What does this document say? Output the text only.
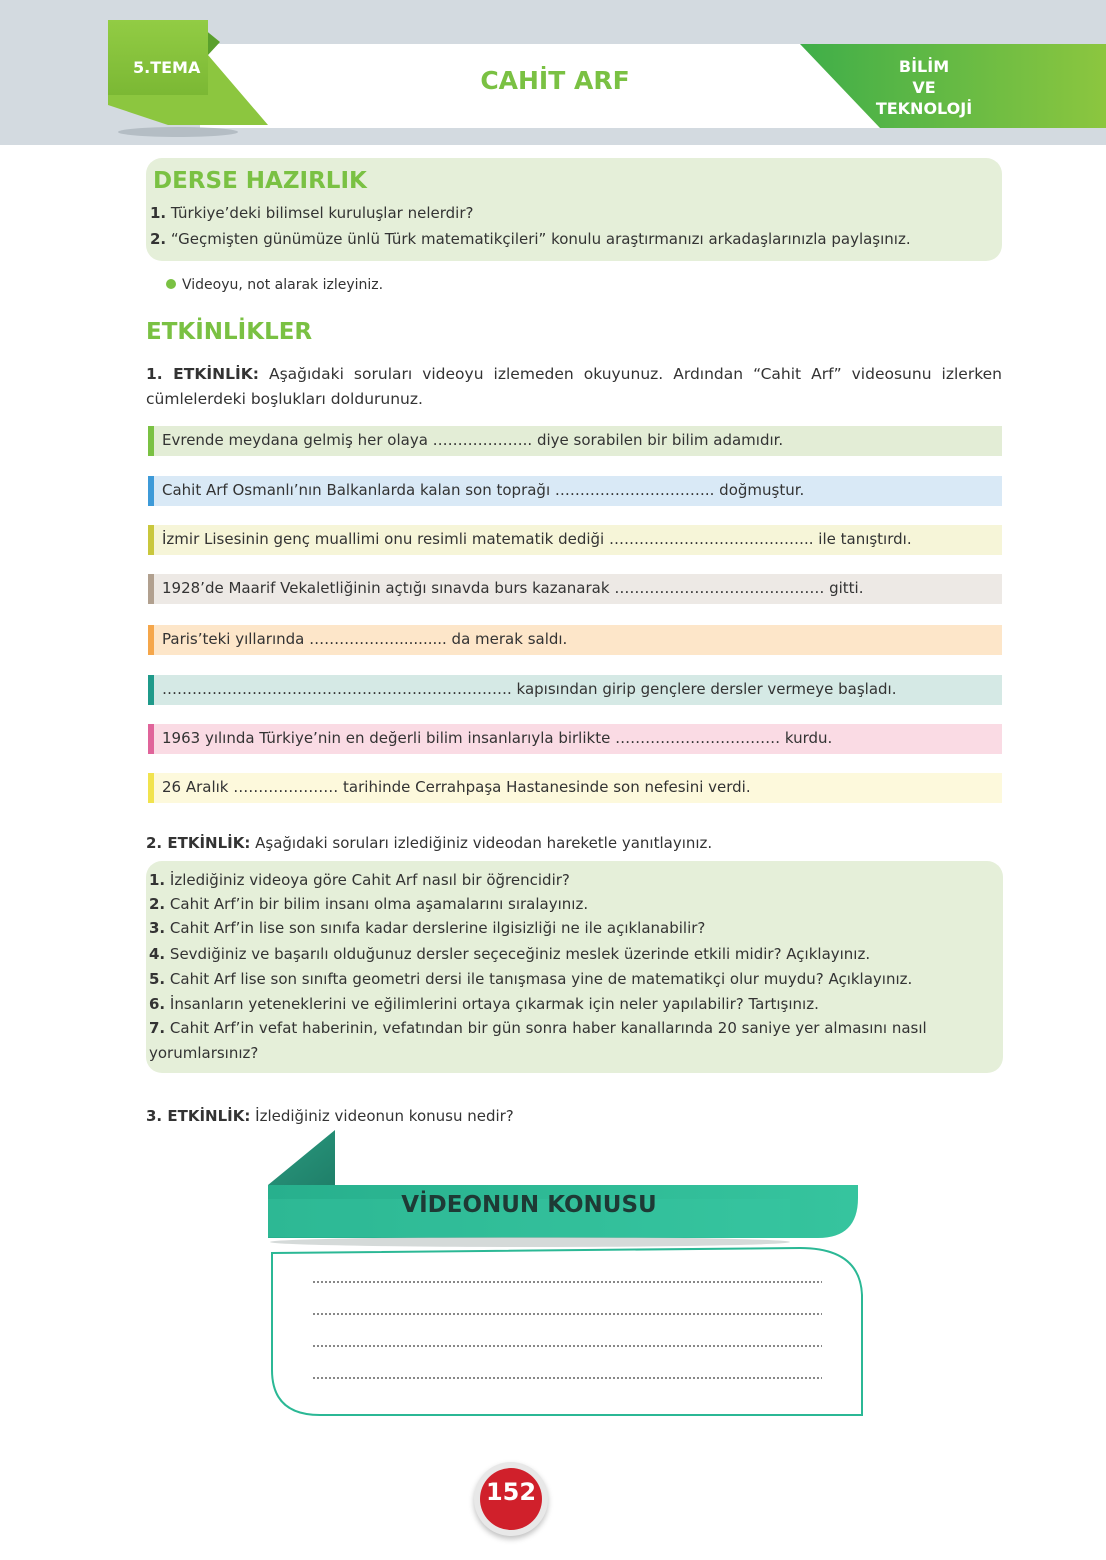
5.TEMA	CAHİT ARF	BİLİM
VE
TEKNOLOJİ
DERSE HAZIRLIK
1. Türkiye’deki bilimsel kuruluşlar nelerdir?
2. “Geçmişten günümüze ünlü Türk matematikçileri” konulu araştırmanızı arkadaşlarınızla paylaşınız.
Videoyu, not alarak izleyiniz.
ETKİNLİKLER
1. ETKİNLİK: Aşağıdaki soruları videoyu izlemeden okuyunuz. Ardından “Cahit Arf” videosunu izlerken cümlelerdeki boşlukları doldurunuz.
Evrende meydana gelmiş her olaya ……………….. diye sorabilen bir bilim adamıdır.
Cahit Arf Osmanlı’nın Balkanlarda kalan son toprağı ………………………….. doğmuştur.
İzmir Lisesinin genç muallimi onu resimli matematik dediği ………………………………….. ile tanıştırdı.
1928’de Maarif Vekaletliğinin açtığı sınavda burs kazanarak …………………………………… gitti.
Paris’teki yıllarında ……………….......... da merak saldı.
……………………………………………………………. kapısından girip gençlere dersler vermeye başladı.
1963 yılında Türkiye’nin en değerli bilim insanlarıyla birlikte …………………………… kurdu.
26 Aralık ………………… tarihinde Cerrahpaşa Hastanesinde son nefesini verdi.
2. ETKİNLİK: Aşağıdaki soruları izlediğiniz videodan hareketle yanıtlayınız.
1. İzlediğiniz videoya göre Cahit Arf nasıl bir öğrencidir?
2. Cahit Arf’in bir bilim insanı olma aşamalarını sıralayınız.
3. Cahit Arf’in lise son sınıfa kadar derslerine ilgisizliği ne ile açıklanabilir?
4. Sevdiğiniz ve başarılı olduğunuz dersler seçeceğiniz meslek üzerinde etkili midir? Açıklayınız.
5. Cahit Arf lise son sınıfta geometri dersi ile tanışmasa yine de matematikçi olur muydu? Açıklayınız.
6. İnsanların yeteneklerini ve eğilimlerini ortaya çıkarmak için neler yapılabilir? Tartışınız.
7. Cahit Arf’in vefat haberinin, vefatından bir gün sonra haber kanallarında 20 saniye yer almasını nasıl
yorumlarsınız?
3. ETKİNLİK: İzlediğiniz videonun konusu nedir?
VİDEONUN KONUSU
152
